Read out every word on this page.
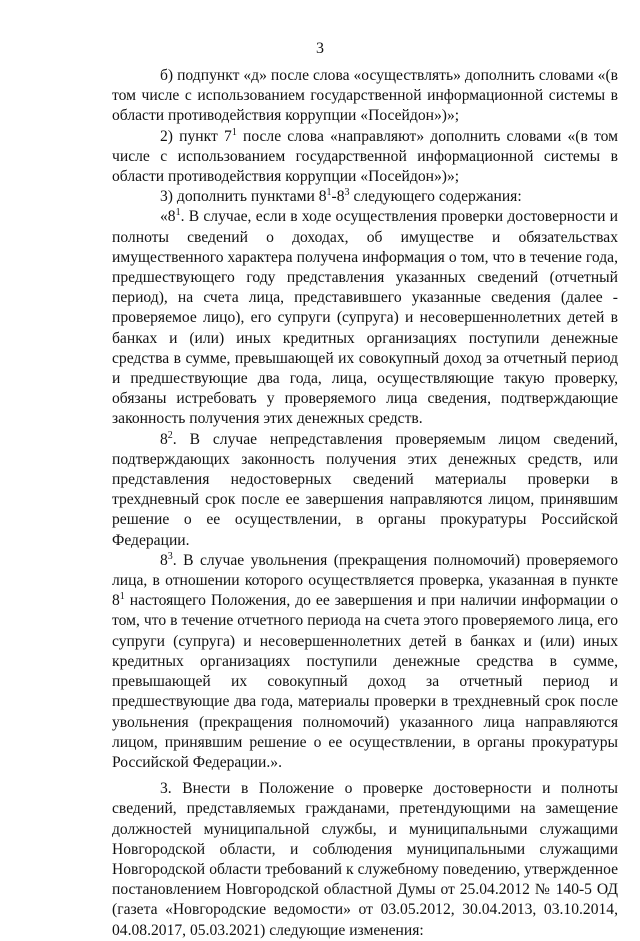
3

б) подпункт «д» после слова «осуществлять» дополнить словами «(в том числе с использованием государственной информационной системы в области противодействия коррупции «Посейдон»)»;

2) пункт $7^1$ после слова «направляют» дополнить словами «(в том числе с использованием государственной информационной системы в области противодействия коррупции «Посейдон»)»;

3) дополнить пунктами $8^1-8^3$ следующего содержания:

«$8^1$. В случае, если в ходе осуществления проверки достоверности и полноты сведений о доходах, об имуществе и обязательствах имущественного характера получена информация о том, что в течение года, предшествующего году представления указанных сведений (отчетный период), на счета лица, представившего указанные сведения (далее - проверяемое лицо), его супруги (супруга) и несовершеннолетних детей в банках и (или) иных кредитных организациях поступили денежные средства в сумме, превышающей их совокупный доход за отчетный период и предшествующие два года, лица, осуществляющие такую проверку, обязаны истребовать у проверяемого лица сведения, подтверждающие законность получения этих денежных средств.

$8^2$. В случае непредставления проверяемым лицом сведений, подтверждающих законность получения этих денежных средств, или представления недостоверных сведений материалы проверки в трехдневный срок после ее завершения направляются лицом, принявшим решение о ее осуществлении, в органы прокуратуры Российской Федерации.

$8^3$. В случае увольнения (прекращения полномочий) проверяемого лица, в отношении которого осуществляется проверка, указанная в пункте $8^1$ настоящего Положения, до ее завершения и при наличии информации о том, что в течение отчетного периода на счета этого проверяемого лица, его супруги (супруга) и несовершеннолетних детей в банках и (или) иных кредитных организациях поступили денежные средства в сумме, превышающей их совокупный доход за отчетный период и предшествующие два года, материалы проверки в трехдневный срок после увольнения (прекращения полномочий) указанного лица направляются лицом, принявшим решение о ее осуществлении, в органы прокуратуры Российской Федерации.».

3. Внести в Положение о проверке достоверности и полноты сведений, представляемых гражданами, претендующими на замещение должностей муниципальной службы, и муниципальными служащими Новгородской области, и соблюдения муниципальными служащими Новгородской области требований к служебному поведению, утвержденное постановлением Новгородской областной Думы от 25.04.2012 № 140-5 ОД (газета «Новгородские ведомости» от 03.05.2012, 30.04.2013, 03.10.2014, 04.08.2017, 05.03.2021) следующие изменения:
